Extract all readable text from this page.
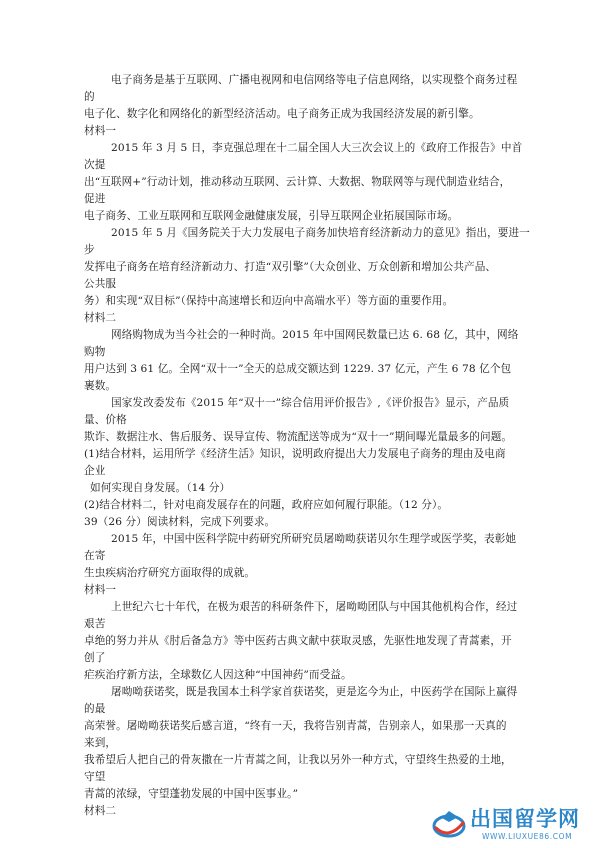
电子商务是基于互联网、广播电视网和电信网络等电子信息网络，以实现整个商务过程
的
电子化、数字化和网络化的新型经济活动。电子商务正成为我国经济发展的新引擎。
材料一
2015 年 3 月 5 日，李克强总理在十二届全国人大三次会议上的《政府工作报告》中首
次提
出“互联网+”行动计划，推动移动互联网、云计算、大数据、物联网等与现代制造业结合，
促进
电子商务、工业互联网和互联网金融健康发展，引导互联网企业拓展国际市场。
2015 年 5 月《国务院关于大力发展电子商务加快培育经济新动力的意见》指出，要进一
步
发挥电子商务在培育经济新动力、打造“双引擎”（大众创业、万众创新和增加公共产品、
公共服
务）和实现“双目标”（保持中高速增长和迈向中高端水平）等方面的重要作用。
材料二
网络购物成为当今社会的一种时尚。2015 年中国网民数量已达 6. 68 亿，其中，网络
购物
用户达到 3 61 亿。全网“双十一”全天的总成交额达到 1229. 37 亿元，产生 6 78 亿个包
裹数。
国家发改委发布《2015 年“双十一”综合信用评价报告》,《评价报告》显示，产品质
量、价格
欺诈、数据注水、售后服务、误导宣传、物流配送等成为“双十一”期间曝光量最多的问题。
(1)结合材料，运用所学《经济生活》知识，说明政府提出大力发展电子商务的理由及电商
企业
如何实现自身发展。（14 分）
(2)结合材料二，针对电商发展存在的问题，政府应如何履行职能。（12 分）。
39（26 分）阅读材料，完成下列要求。
2015 年，中国中医科学院中药研究所研究员屠呦呦获诺贝尔生理学或医学奖，表彰她
在寄
生虫疾病治疗研究方面取得的成就。
材料一
上世纪六七十年代，在极为艰苦的科研条件下，屠呦呦团队与中国其他机构合作，经过
艰苦
卓绝的努力并从《肘后备急方》等中医药古典文献中获取灵感，先驱性地发现了青蒿素，开
创了
疟疾治疗新方法，全球数亿人因这种“中国神药”而受益。
屠呦呦获诺奖，既是我国本土科学家首获诺奖，更是迄今为止，中医药学在国际上赢得
的最
高荣誉。屠呦呦获诺奖后感言道，“终有一天，我将告别青蒿，告别亲人，如果那一天真的
来到，
我希望后人把自己的骨灰撒在一片青蒿之间，让我以另外一种方式，守望终生热爱的土地，
守望
青蒿的浓绿，守望蓬勃发展的中国中医事业。”
材料二	出国留学网
WWW.LIUXUE86.COM
